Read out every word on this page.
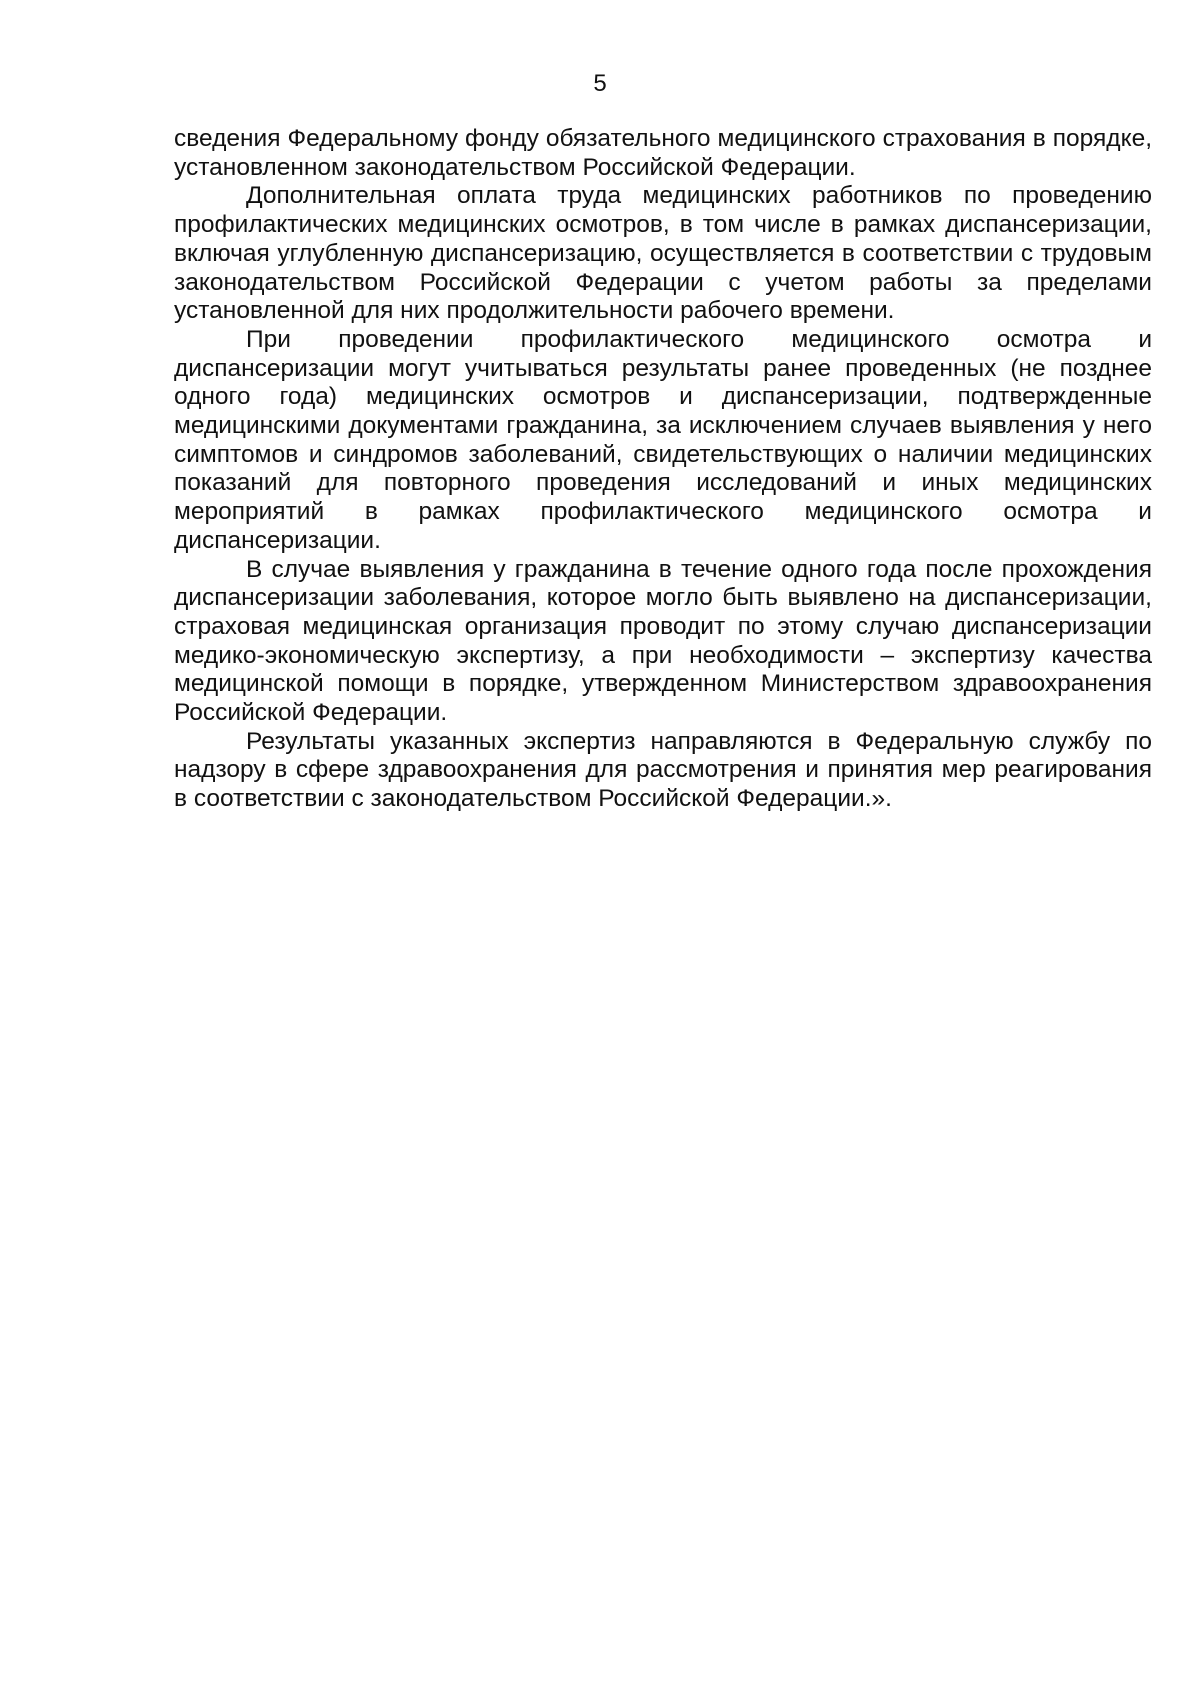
5

сведения Федеральному фонду обязательного медицинского страхования в порядке, установленном законодательством Российской Федерации.

Дополнительная оплата труда медицинских работников по проведению профилактических медицинских осмотров, в том числе в рамках диспансеризации, включая углубленную диспансеризацию, осуществляется в соответствии с трудовым законодательством Российской Федерации с учетом работы за пределами установленной для них продолжительности рабочего времени.

При проведении профилактического медицинского осмотра и диспансеризации могут учитываться результаты ранее проведенных (не позднее одного года) медицинских осмотров и диспансеризации, подтвержденные медицинскими документами гражданина, за исключением случаев выявления у него симптомов и синдромов заболеваний, свидетельствующих о наличии медицинских показаний для повторного проведения исследований и иных медицинских мероприятий в рамках профилактического медицинского осмотра и диспансеризации.

В случае выявления у гражданина в течение одного года после прохождения диспансеризации заболевания, которое могло быть выявлено на диспансеризации, страховая медицинская организация проводит по этому случаю диспансеризации медико-экономическую экспертизу, а при необходимости – экспертизу качества медицинской помощи в порядке, утвержденном Министерством здравоохранения Российской Федерации.

Результаты указанных экспертиз направляются в Федеральную службу по надзору в сфере здравоохранения для рассмотрения и принятия мер реагирования в соответствии с законодательством Российской Федерации.».
